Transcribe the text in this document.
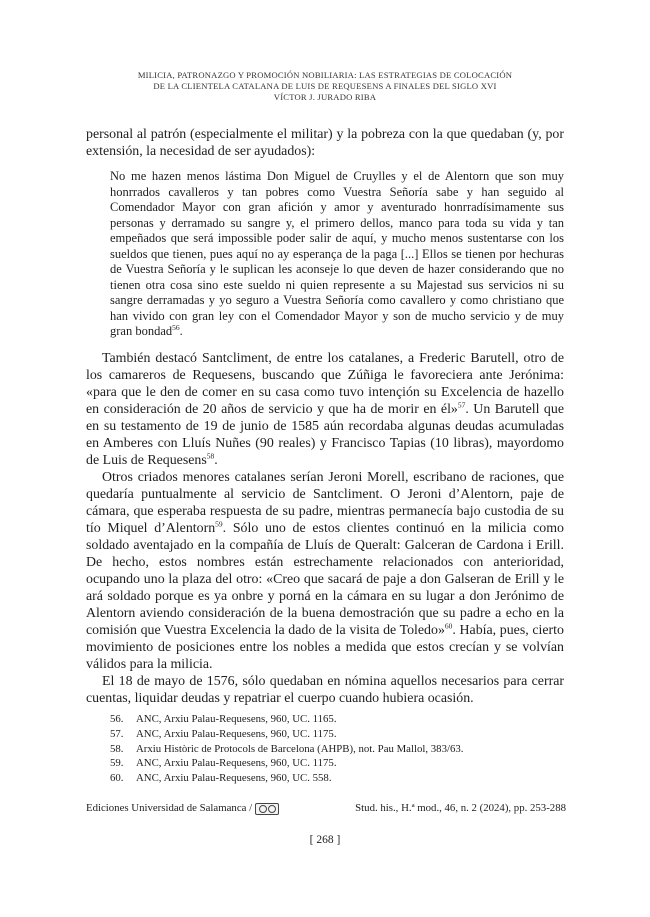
MILICIA, PATRONAZGO Y PROMOCIÓN NOBILIARIA: LAS ESTRATEGIAS DE COLOCACIÓN
DE LA CLIENTELA CATALANA DE LUIS DE REQUESENS A FINALES DEL SIGLO XVI
VÍCTOR J. JURADO RIBA

personal al patrón (especialmente el militar) y la pobreza con la que quedaban (y, por extensión, la necesidad de ser ayudados):

No me hazen menos lástima Don Miguel de Cruylles y el de Alentorn que son muy honrrados cavalleros y tan pobres como Vuestra Señoría sabe y han seguido al Comendador Mayor con gran afición y amor y aventurado honrradísimamente sus personas y derramado su sangre y, el primero dellos, manco para toda su vida y tan empeñados que será impossible poder salir de aquí, y mucho menos sustentarse con los sueldos que tienen, pues aquí no ay esperança de la paga [...] Ellos se tienen por hechuras de Vuestra Señoría y le suplican les aconseje lo que deven de hazer considerando que no tienen otra cosa sino este sueldo ni quien represente a su Majestad sus servicios ni su sangre derramadas y yo seguro a Vuestra Señoría como cavallero y como christiano que han vivido con gran ley con el Comendador Mayor y son de mucho servicio y de muy gran bondad$^{56}$.

También destacó Santcliment, de entre los catalanes, a Frederic Barutell, otro de los camareros de Requesens, buscando que Zúñiga le favoreciera ante Jerónima: «para que le den de comer en su casa como tuvo intençión su Excelencia de hazello en consideración de 20 años de servicio y que ha de morir en él»$^{57}$. Un Barutell que en su testamento de 19 de junio de 1585 aún recordaba algunas deudas acumuladas en Amberes con Lluís Nuñes (90 reales) y Francisco Tapias (10 libras), mayordomo de Luis de Requesens$^{58}$.

Otros criados menores catalanes serían Jeroni Morell, escribano de raciones, que quedaría puntualmente al servicio de Santcliment. O Jeroni d’Alentorn, paje de cámara, que esperaba respuesta de su padre, mientras permanecía bajo custodia de su tío Miquel d’Alentorn$^{59}$. Sólo uno de estos clientes continuó en la milicia como soldado aventajado en la compañía de Lluís de Queralt: Galceran de Cardona i Erill. De hecho, estos nombres están estrechamente relacionados con anterioridad, ocupando uno la plaza del otro: «Creo que sacará de paje a don Galseran de Erill y le ará soldado porque es ya onbre y porná en la cámara en su lugar a don Jerónimo de Alentorn aviendo consideración de la buena demostración que su padre a echo en la comisión que Vuestra Excelencia la dado de la visita de Toledo»$^{60}$. Había, pues, cierto movimiento de posiciones entre los nobles a medida que estos crecían y se volvían válidos para la milicia.

El 18 de mayo de 1576, sólo quedaban en nómina aquellos necesarios para cerrar cuentas, liquidar deudas y repatriar el cuerpo cuando hubiera ocasión.

56.	ANC, Arxiu Palau-Requesens, 960, UC. 1165.
57.	ANC, Arxiu Palau-Requesens, 960, UC. 1175.
58.	Arxiu Històric de Protocols de Barcelona (AHPB), not. Pau Mallol, 383/63.
59.	ANC, Arxiu Palau-Requesens, 960, UC. 1175.
60.	ANC, Arxiu Palau-Requesens, 960, UC. 558.
Ediciones Universidad de Salamanca /	Stud. his., H.ª mod., 46, n. 2 (2024), pp. 253-288
[ 268 ]
